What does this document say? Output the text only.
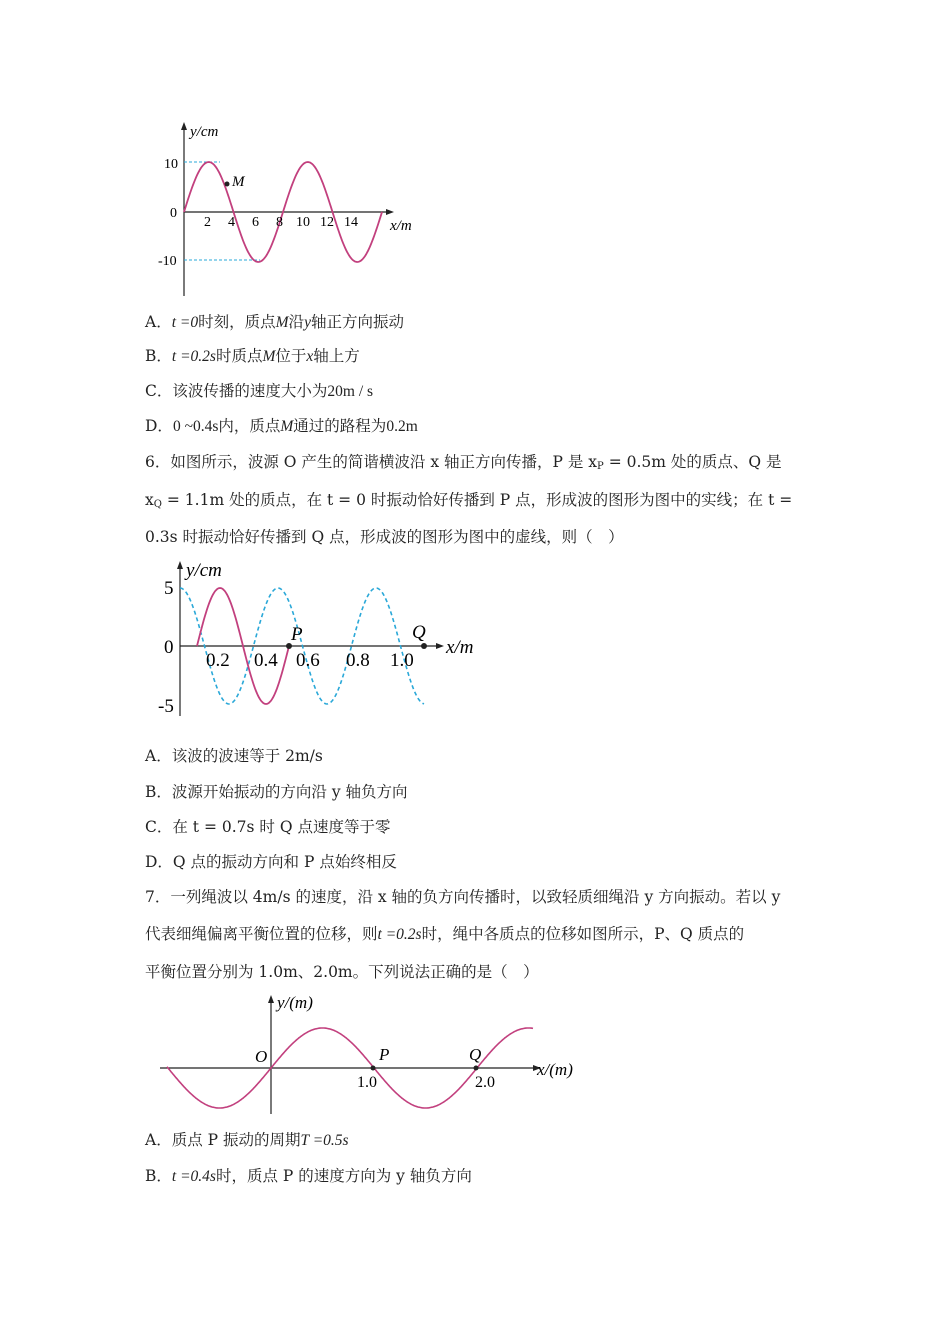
M
y/cm
x/m
10
0
-10
2 4 6 8 10 12 14
A．t =0时刻，质点M沿y轴正方向振动
B．t =0.2s时质点M位于x轴上方
C．该波传播的速度大小为20m / s
D．0 ~0.4s内，质点M通过的路程为0.2m
6．如图所示，波源 O 产生的简谐横波沿 x 轴正方向传播，P 是 $x_P = 0.5m$ 处的质点、Q 是
$x_Q = 1.1m$ 处的质点，在 t = 0 时振动恰好传播到 P 点，形成波的图形为图中的实线；在 t =
0.3s 时振动恰好传播到 Q 点，形成波的图形为图中的虚线，则（　）
P	Q
y/cm
x/m
5
0
-5
0.2 0.4 0.6 0.8 1.0
A．该波的波速等于 2m/s
B．波源开始振动的方向沿 y 轴负方向
C．在 t = 0.7s 时 Q 点速度等于零
D．Q 点的振动方向和 P 点始终相反
7．一列绳波以 4m/s 的速度，沿 x 轴的负方向传播时，以致轻质细绳沿 y 方向振动。若以 y
代表细绳偏离平衡位置的位移，则t =0.2s时，绳中各质点的位移如图所示，P、Q 质点的
平衡位置分别为 1.0m、2.0m。下列说法正确的是（　）
O	P	Q
y/(m)
x/(m)
1.0	2.0
A．质点 P 振动的周期T =0.5s
B．t =0.4s时，质点 P 的速度方向为 y 轴负方向
